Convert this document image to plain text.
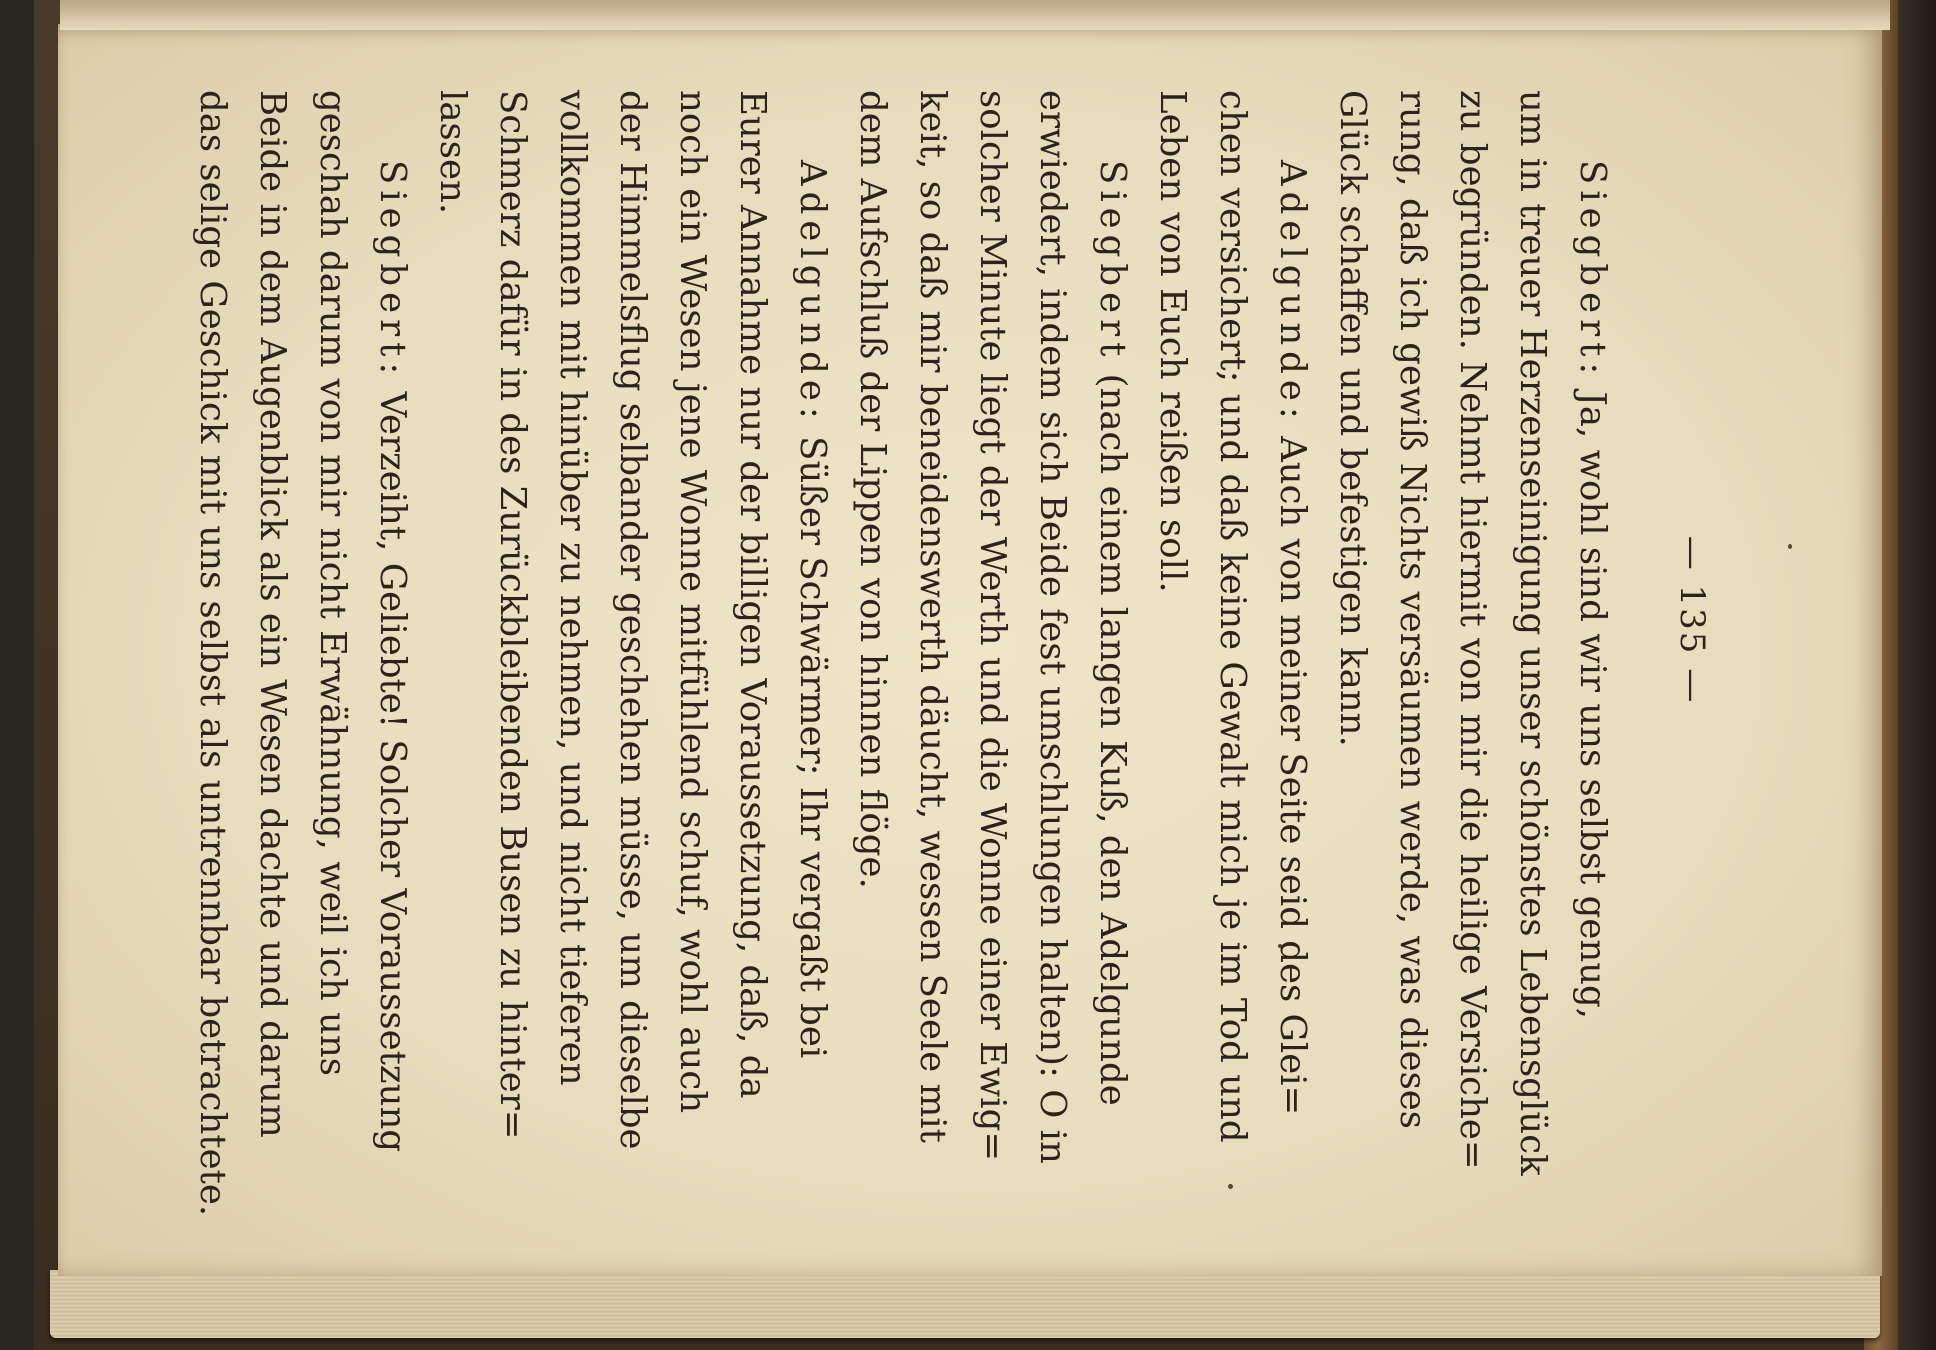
— 135 —
Siegbert: Ja, wohl sind wir uns selbst genug,
um in treuer Herzenseinigung unser schönstes Lebensglück
zu begründen. Nehmt hiermit von mir die heilige Versiche=
rung, daß ich gewiß Nichts versäumen werde, was dieses
Glück schaffen und befestigen kann.
Adelgunde: Auch von meiner Seite seid des Glei=
chen versichert; und daß keine Gewalt mich je im Tod und
Leben von Euch reißen soll.
Siegbert (nach einem langen Kuß, den Adelgunde
erwiedert, indem sich Beide fest umschlungen halten): O in
solcher Minute liegt der Werth und die Wonne einer Ewig=
keit, so daß mir beneidenswerth däucht, wessen Seele mit
dem Aufschluß der Lippen von hinnen flöge.
Adelgunde: Süßer Schwärmer; Ihr vergaßt bei
Eurer Annahme nur der billigen Voraussetzung, daß, da
noch ein Wesen jene Wonne mitfühlend schuf, wohl auch
der Himmelsflug selbander geschehen müsse, um dieselbe
vollkommen mit hinüber zu nehmen, und nicht tieferen
Schmerz dafür in des Zurückbleibenden Busen zu hinter=
lassen.
Siegbert: Verzeiht, Geliebte! Solcher Voraussetzung
geschah darum von mir nicht Erwähnung, weil ich uns
Beide in dem Augenblick als ein Wesen dachte und darum
das selige Geschick mit uns selbst als untrennbar betrachtete.
